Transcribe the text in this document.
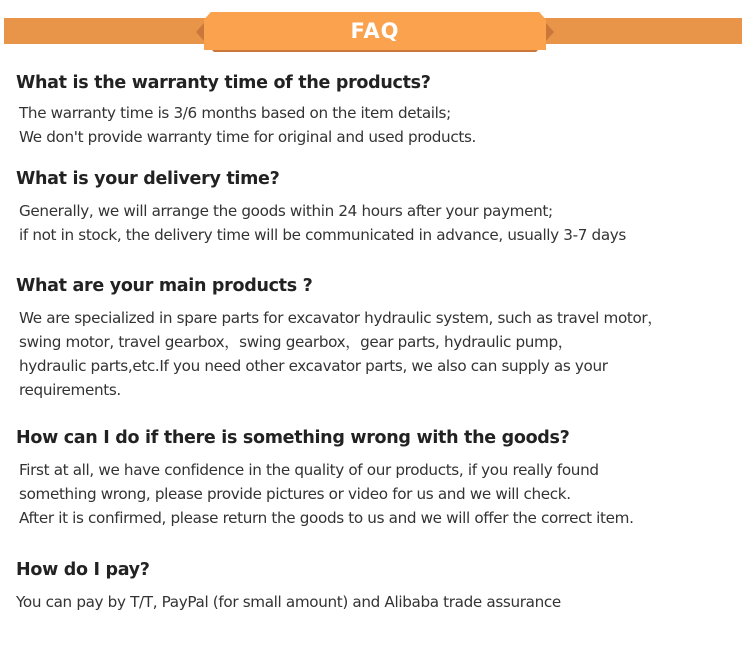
FAQ
What is the warranty time of the products?
The warranty time is 3/6 months based on the item details;
We don't provide warranty time for original and used products.
What is your delivery time?
Generally, we will arrange the goods within 24 hours after your payment;
if not in stock, the delivery time will be communicated in advance, usually 3-7 days
What are your main products ?
We are specialized in spare parts for excavator hydraulic system, such as travel motor，
swing motor, travel gearbox，swing gearbox，gear parts, hydraulic pump，
hydraulic parts,etc.If you need other excavator parts, we also can supply as your
requirements.
How can I do if there is something wrong with the goods?
First at all, we have confidence in the quality of our products, if you really found
something wrong, please provide pictures or video for us and we will check.
After it is confirmed, please return the goods to us and we will offer the correct item.
How do I pay?
You can pay by T/T, PayPal (for small amount) and Alibaba trade assurance
